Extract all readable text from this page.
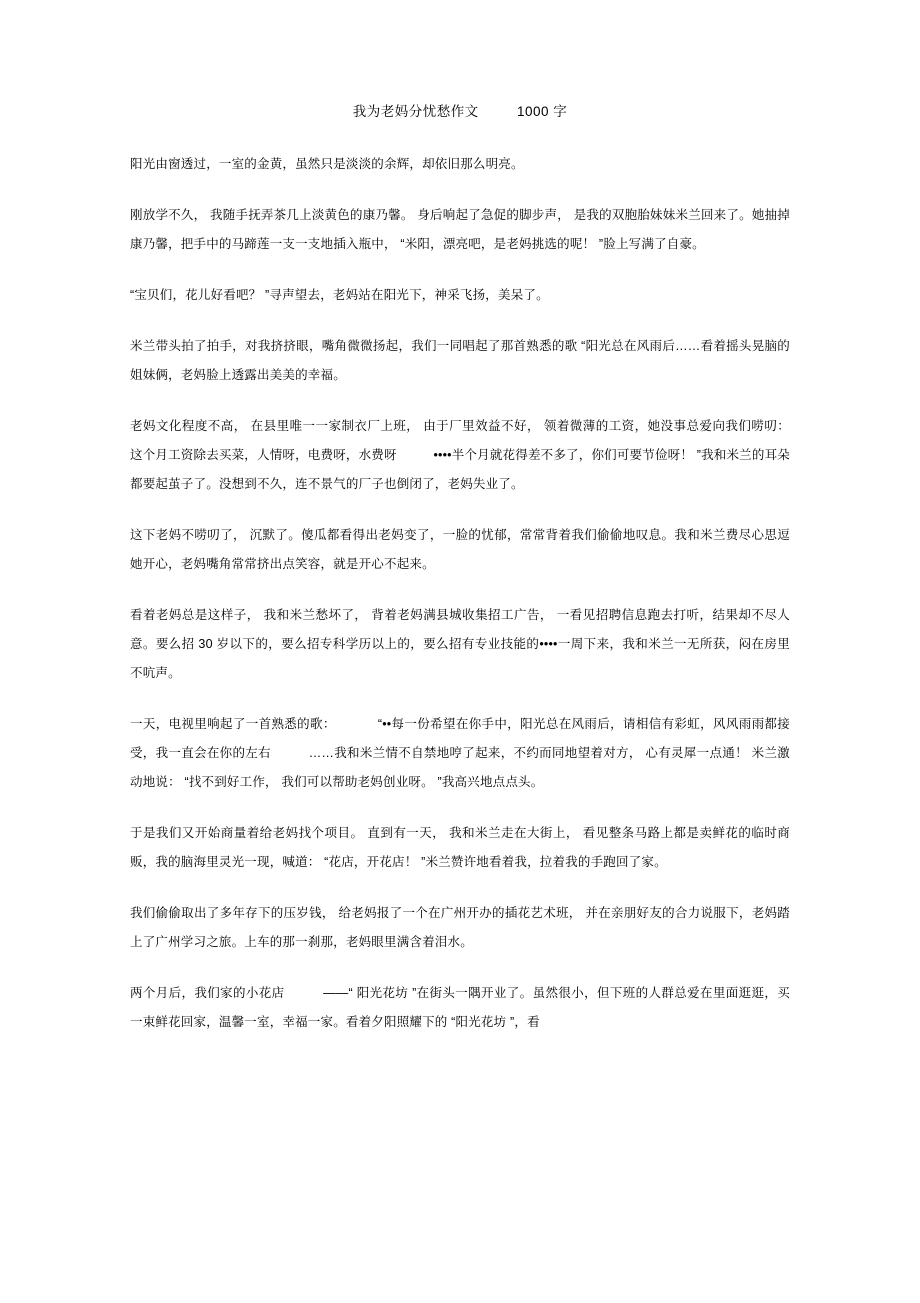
我为老妈分忧愁作文         1000 字

阳光由窗透过，一室的金黄，虽然只是淡淡的余辉，却依旧那么明亮。

刚放学不久， 我随手抚弄茶几上淡黄色的康乃馨。 身后响起了急促的脚步声， 是我的双胞胎妹妹米兰回来了。她抽掉康乃馨，把手中的马蹄莲一支一支地插入瓶中， “米阳，漂亮吧，是老妈挑选的呢！ ”脸上写满了自豪。

“宝贝们，花儿好看吧？ ”寻声望去，老妈站在阳光下，神采飞扬，美呆了。

米兰带头拍了拍手，对我挤挤眼，嘴角微微扬起，我们一同唱起了那首熟悉的歌 “阳光总在风雨后……看着摇头晃脑的姐妹俩，老妈脸上透露出美美的幸福。

老妈文化程度不高， 在县里唯一一家制衣厂上班， 由于厂里效益不好， 领着微薄的工资，她没事总爱向我们唠叨：      这个月工资除去买菜，人情呀，电费呀，水费呀          ••••半个月就花得差不多了，你们可要节俭呀！ ”我和米兰的耳朵都要起茧子了。没想到不久，连不景气的厂子也倒闭了，老妈失业了。

这下老妈不唠叨了， 沉默了。傻瓜都看得出老妈变了，一脸的忧郁，常常背着我们偷偷地叹息。我和米兰费尽心思逗她开心，老妈嘴角常常挤出点笑容，就是开心不起来。

看着老妈总是这样子， 我和米兰愁坏了， 背着老妈满县城收集招工广告， 一看见招聘信息跑去打听，结果却不尽人意。要么招 30 岁以下的，要么招专科学历以上的，要么招有专业技能的••••一周下来，我和米兰一无所获，闷在房里不吭声。

一天，电视里响起了一首熟悉的歌：           “••每一份希望在你手中，阳光总在风雨后，请相信有彩虹，风风雨雨都接受，我一直会在你的左右          ……我和米兰情不自禁地哼了起来，不约而同地望着对方， 心有灵犀一点通！ 米兰激动地说： “找不到好工作， 我们可以帮助老妈创业呀。 ”我高兴地点点头。

于是我们又开始商量着给老妈找个项目。 直到有一天， 我和米兰走在大街上， 看见整条马路上都是卖鲜花的临时商贩，我的脑海里灵光一现，喊道： “花店，开花店！ ”米兰赞许地看着我，拉着我的手跑回了家。

我们偷偷取出了多年存下的压岁钱， 给老妈报了一个在广州开办的插花艺术班， 并在亲朋好友的合力说服下，老妈踏上了广州学习之旅。上车的那一刹那，老妈眼里满含着泪水。

两个月后，我们家的小花店          ——“ 阳光花坊 ”在街头一隅开业了。虽然很小，但下班的人群总爱在里面逛逛，买一束鲜花回家，温馨一室，幸福一家。看着夕阳照耀下的 “阳光花坊 ”，看
